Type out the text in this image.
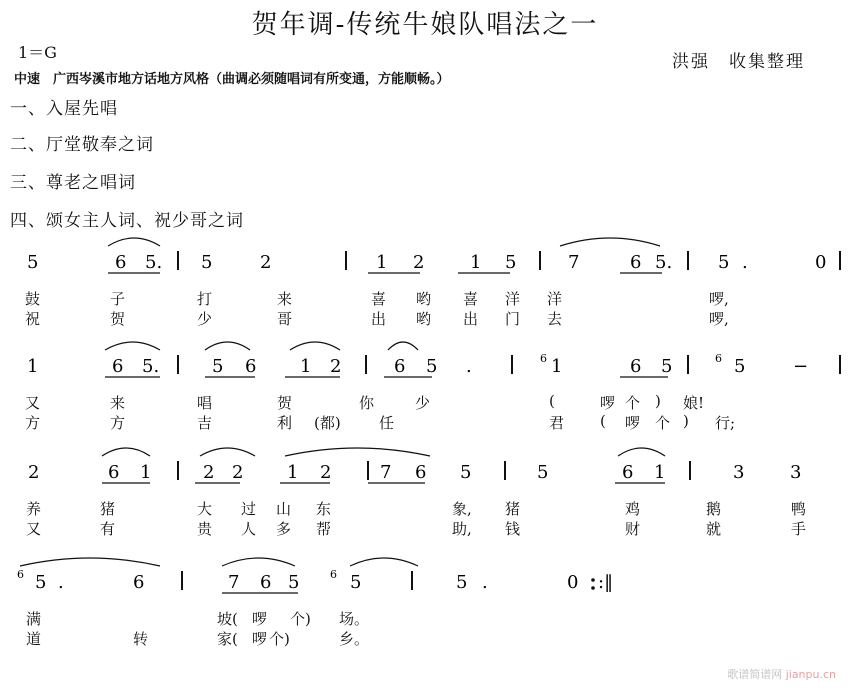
贺年调-传统牛娘队唱法之一
1＝G	洪强　收集整理
中速　广西岑溪市地方话地方风格（曲调必须随唱词有所变通，方能顺畅。）
一、入屋先唱
二、厅堂敬奉之词
三、尊老之唱词
四、颂女主人词、祝少哥之词
5	6 5. 5	2	1 2	1 5	7	6 5.	5 .	0
1	6 5.	5 6 1 2	6 5 .	6 1	6 5	6 5	−
2	6 1	2 2 1 2	7 6 5	5	6 1	3	3
6 5 .	6	7 6 5	6 5	5 .	0 :‖
鼓	子	打	来	喜 哟 喜 洋 洋	啰,
祝	贺	少	哥	出 哟 出 门 去	啰,
又	来	唱	贺	你	少	(	啰 个 ) 娘!
方	方	吉	利 (都)	任	君 ( 啰 个 ) 行;
养	猪	大 过 山 东	象, 猪	鸡	鹅	鸭
又	有	贵 人 多 帮	助, 钱	财	就	手
满	坡( 啰 个) 场。
道	转	家( 啰 个)	乡。
歌谱简谱网 jianpu.cn
